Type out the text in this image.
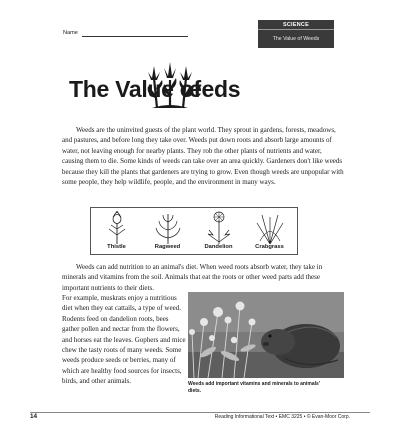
Name
SCIENCE
The Value of Weeds
The Value of
eeds

Weeds are the uninvited guests of the plant world. They sprout in gardens, forests, meadows, and pastures, and before long they take over. Weeds put down roots and absorb large amounts of water, not leaving enough for nearby plants. They rob the other plants of nutrients and water, causing them to die. Some kinds of weeds can take over an area quickly. Gardeners don't like weeds because they kill the plants that gardeners are trying to grow. Even though weeds are unpopular with some people, they help wildlife, people, and the environment in many ways.

Thistle	Ragweed	Dandelion	Crabgrass

Weeds can add nutrition to an animal's diet. When weed roots absorb water, they take in minerals and vitamins from the soil. Animals that eat the roots or other weed parts add these important nutrients to their diets.

For example, muskrats enjoy a nutritious diet when they eat cattails, a type of weed. Rodents feed on dandelion roots, bees gather pollen and nectar from the flowers, and horses eat the leaves. Gophers and mice chew the tasty roots of many weeds. Some weeds produce seeds or berries, many of which are healthy food sources for insects, birds, and other animals.	Weeds add important vitamins and minerals to animals' diets.
14	Reading Informational Text • EMC 3225 • © Evan-Moor Corp.
